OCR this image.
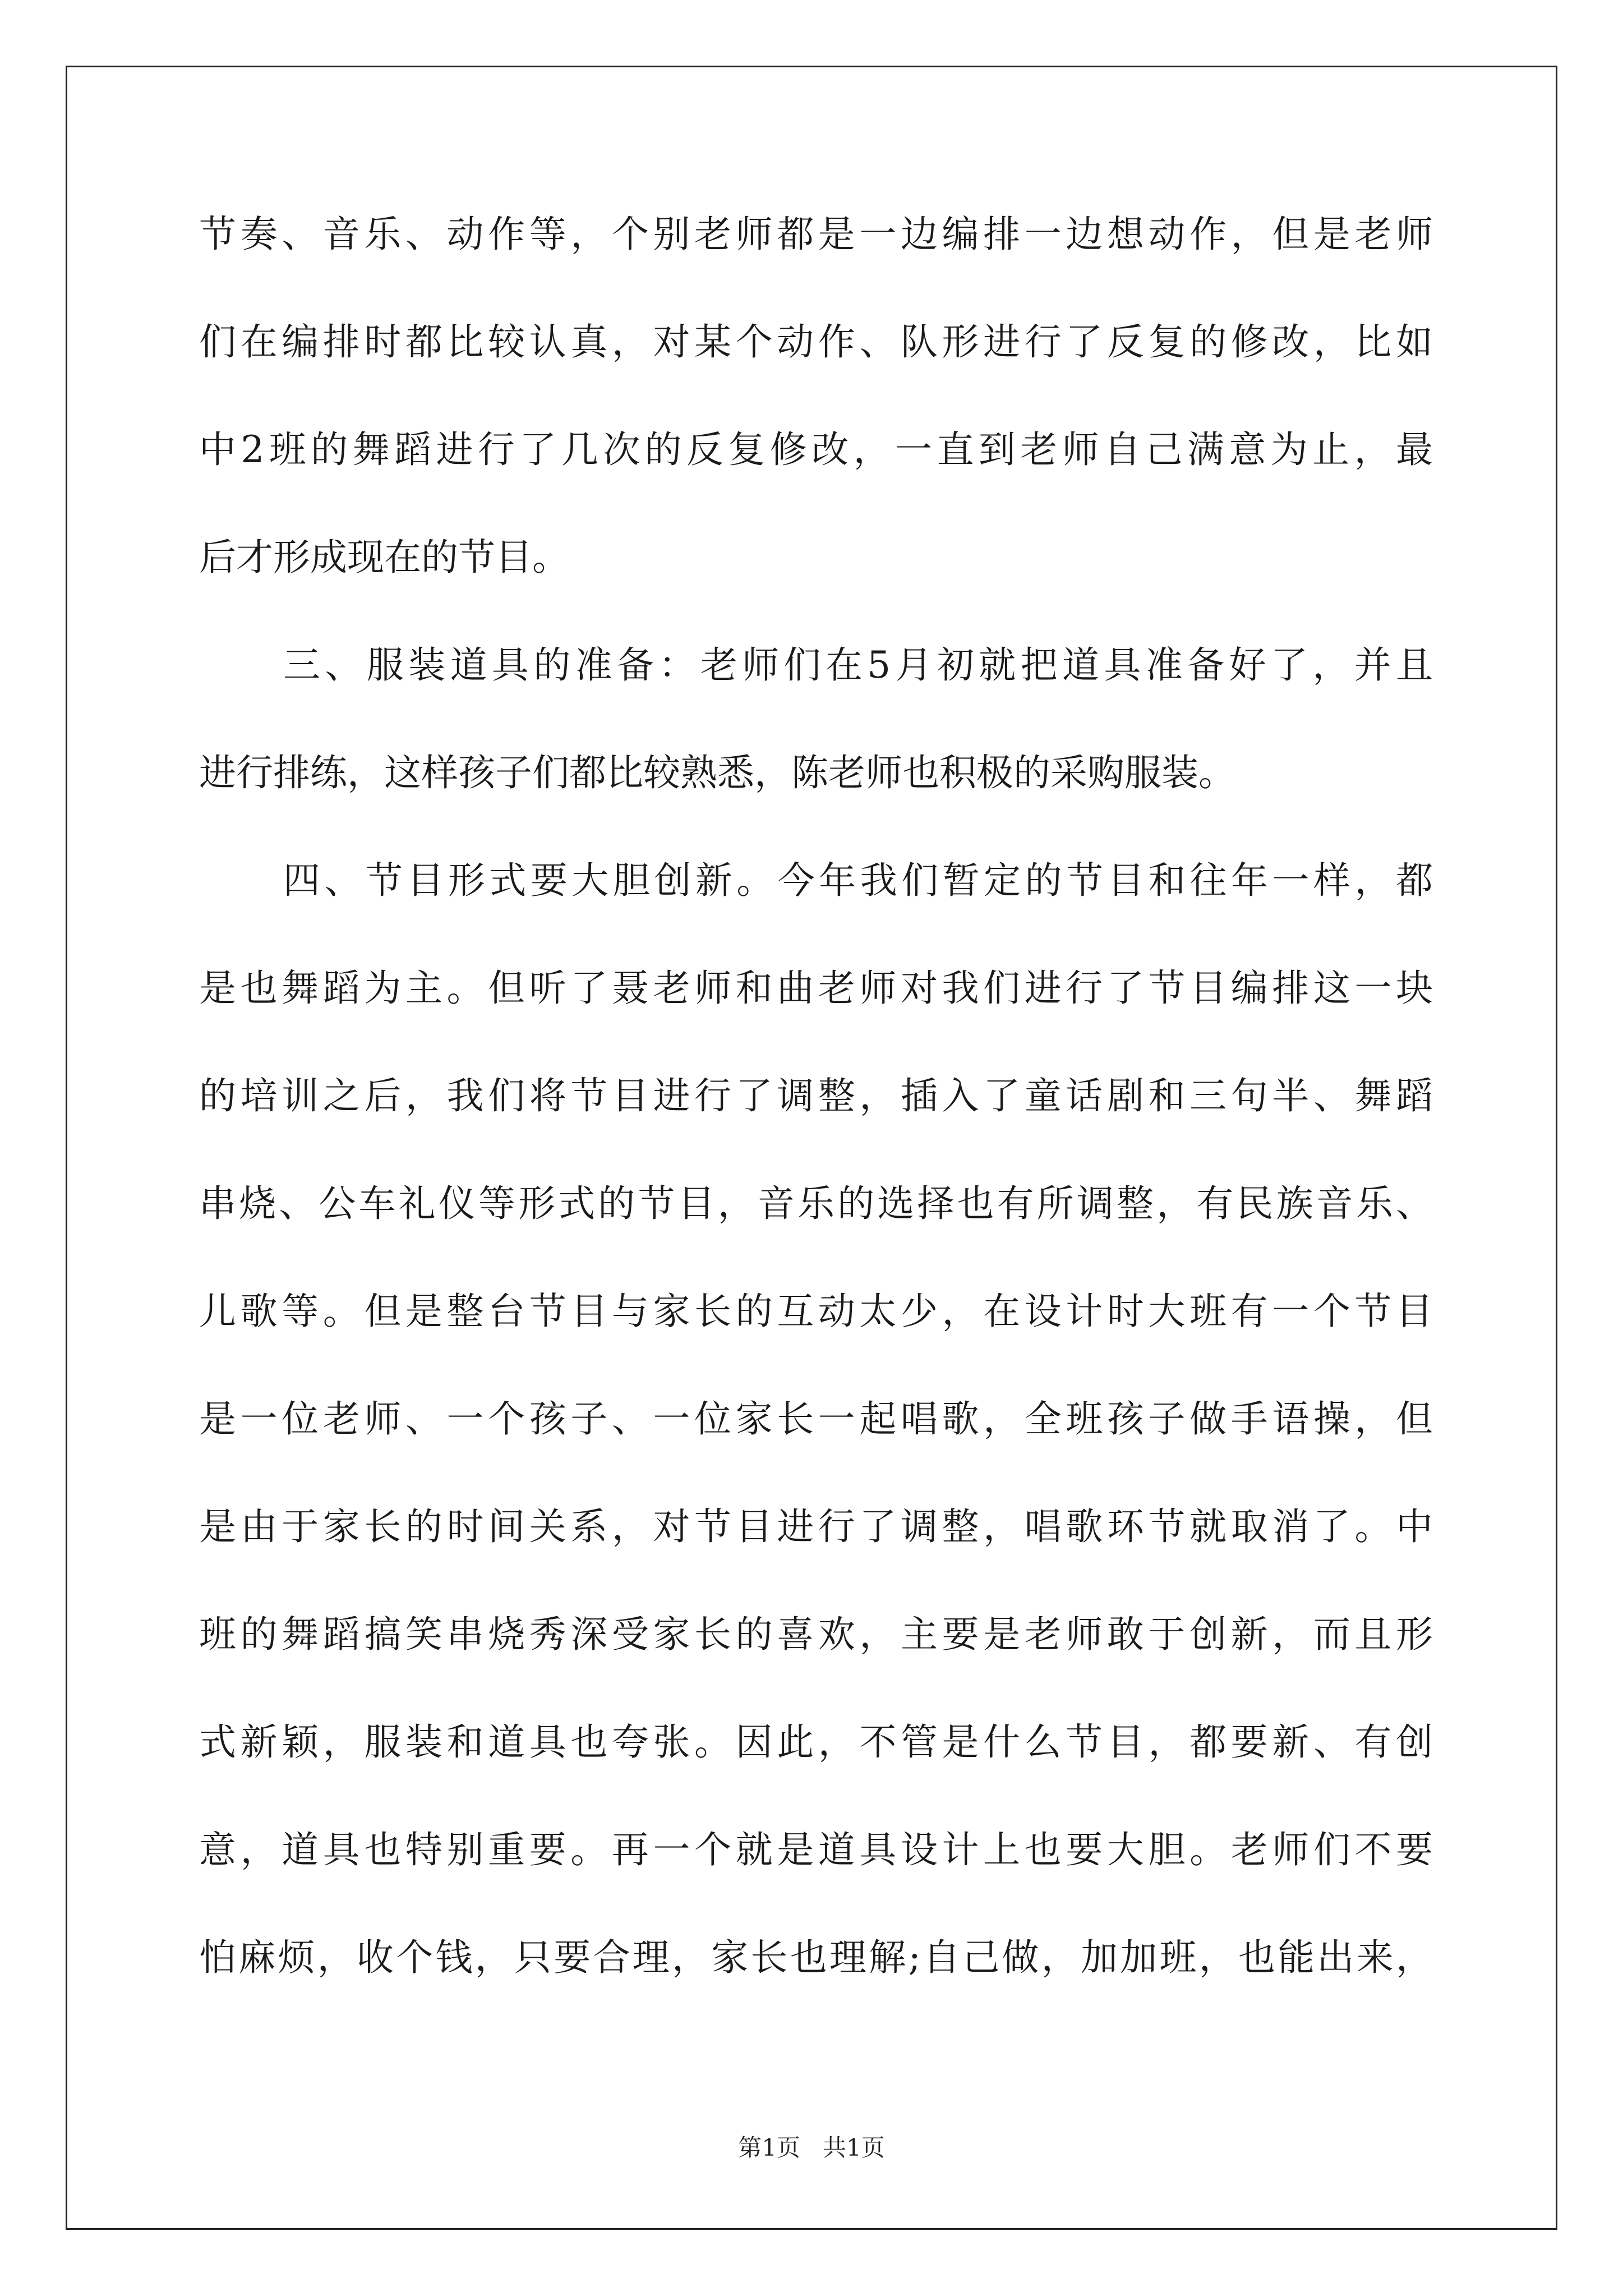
节奏、音乐、动作等，个别老师都是一边编排一边想动作，但是老师
们在编排时都比较认真，对某个动作、队形进行了反复的修改，比如
中2班的舞蹈进行了几次的反复修改，一直到老师自己满意为止，最
后才形成现在的节目。
三、服装道具的准备：老师们在5月初就把道具准备好了，并且
进行排练，这样孩子们都比较熟悉，陈老师也积极的采购服装。
四、节目形式要大胆创新。今年我们暂定的节目和往年一样，都
是也舞蹈为主。但听了聂老师和曲老师对我们进行了节目编排这一块
的培训之后，我们将节目进行了调整，插入了童话剧和三句半、舞蹈
串烧、公车礼仪等形式的节目，音乐的选择也有所调整，有民族音乐、
儿歌等。但是整台节目与家长的互动太少，在设计时大班有一个节目
是一位老师、一个孩子、一位家长一起唱歌，全班孩子做手语操，但
是由于家长的时间关系，对节目进行了调整，唱歌环节就取消了。中
班的舞蹈搞笑串烧秀深受家长的喜欢，主要是老师敢于创新，而且形
式新颖，服装和道具也夸张。因此，不管是什么节目，都要新、有创
意，道具也特别重要。再一个就是道具设计上也要大胆。老师们不要
怕麻烦，收个钱，只要合理，家长也理解;自己做，加加班，也能出来，
第1页   共1页
